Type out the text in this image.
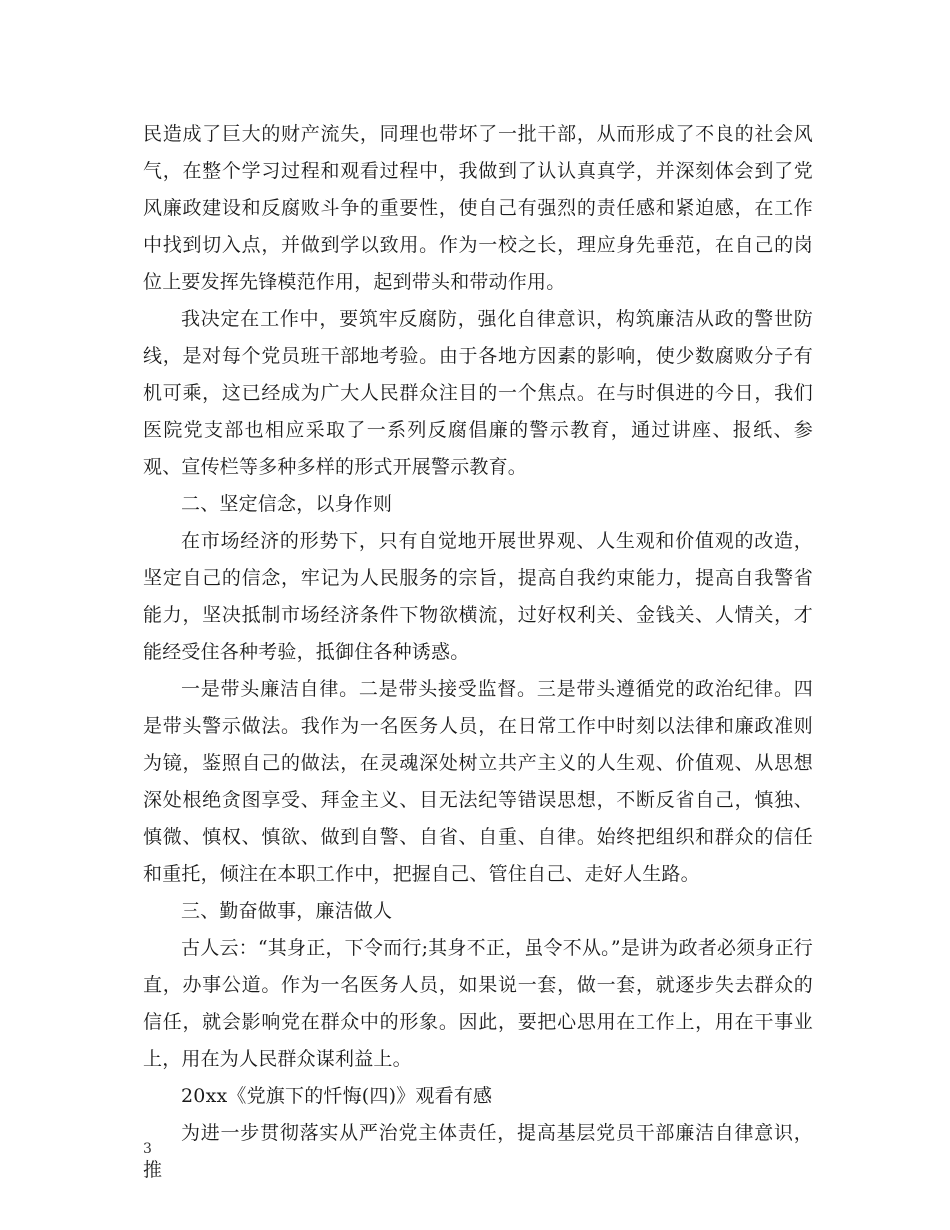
民造成了巨大的财产流失，同理也带坏了一批干部，从而形成了不良的社会风气，在整个学习过程和观看过程中，我做到了认认真真学，并深刻体会到了党风廉政建设和反腐败斗争的重要性，使自己有强烈的责任感和紧迫感，在工作中找到切入点，并做到学以致用。作为一校之长，理应身先垂范，在自己的岗位上要发挥先锋模范作用，起到带头和带动作用。

我决定在工作中，要筑牢反腐防，强化自律意识，构筑廉洁从政的警世防线，是对每个党员班干部地考验。由于各地方因素的影响，使少数腐败分子有机可乘，这已经成为广大人民群众注目的一个焦点。在与时俱进的今日，我们医院党支部也相应采取了一系列反腐倡廉的警示教育，通过讲座、报纸、参观、宣传栏等多种多样的形式开展警示教育。

二、坚定信念，以身作则

在市场经济的形势下，只有自觉地开展世界观、人生观和价值观的改造，坚定自己的信念，牢记为人民服务的宗旨，提高自我约束能力，提高自我警省能力，坚决抵制市场经济条件下物欲横流，过好权利关、金钱关、人情关，才能经受住各种考验，抵御住各种诱惑。

一是带头廉洁自律。二是带头接受监督。三是带头遵循党的政治纪律。四是带头警示做法。我作为一名医务人员，在日常工作中时刻以法律和廉政准则为镜，鉴照自己的做法，在灵魂深处树立共产主义的人生观、价值观、从思想深处根绝贪图享受、拜金主义、目无法纪等错误思想，不断反省自己，慎独、慎微、慎权、慎欲、做到自警、自省、自重、自律。始终把组织和群众的信任和重托，倾注在本职工作中，把握自己、管住自己、走好人生路。

三、勤奋做事，廉洁做人

古人云：“其身正，下令而行;其身不正，虽令不从。”是讲为政者必须身正行直，办事公道。作为一名医务人员，如果说一套，做一套，就逐步失去群众的信任，就会影响党在群众中的形象。因此，要把心思用在工作上，用在干事业上，用在为人民群众谋利益上。

20xx《党旗下的忏悔(四)》观看有感

为进一步贯彻落实从严治党主体责任，提高基层党员干部廉洁自律意识，推

3
